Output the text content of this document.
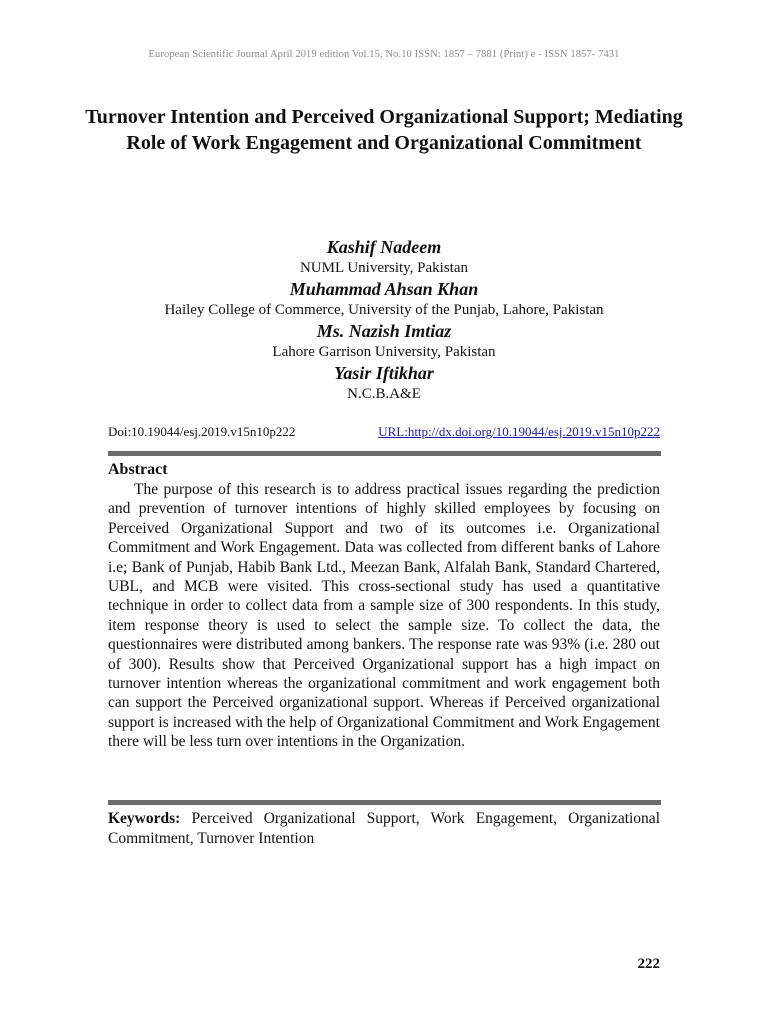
European Scientific Journal April 2019 edition Vol.15, No.10 ISSN: 1857 – 7881 (Print) e - ISSN 1857- 7431
Turnover Intention and Perceived Organizational Support; Mediating Role of Work Engagement and Organizational Commitment
Kashif Nadeem
NUML University, Pakistan
Muhammad Ahsan Khan
Hailey College of Commerce, University of the Punjab, Lahore, Pakistan
Ms. Nazish Imtiaz
Lahore Garrison University, Pakistan
Yasir Iftikhar
N.C.B.A&E
Doi:10.19044/esj.2019.v15n10p222	URL:http://dx.doi.org/10.19044/esj.2019.v15n10p222
Abstract

The purpose of this research is to address practical issues regarding the prediction and prevention of turnover intentions of highly skilled employees by focusing on Perceived Organizational Support and two of its outcomes i.e. Organizational Commitment and Work Engagement. Data was collected from different banks of Lahore i.e; Bank of Punjab, Habib Bank Ltd., Meezan Bank, Alfalah Bank, Standard Chartered, UBL, and MCB were visited. This cross-sectional study has used a quantitative technique in order to collect data from a sample size of 300 respondents. In this study, item response theory is used to select the sample size. To collect the data, the questionnaires were distributed among bankers. The response rate was 93% (i.e. 280 out of 300). Results show that Perceived Organizational support has a high impact on turnover intention whereas the organizational commitment and work engagement both can support the Perceived organizational support. Whereas if Perceived organizational support is increased with the help of Organizational Commitment and Work Engagement there will be less turn over intentions in the Organization.

Keywords: Perceived Organizational Support, Work Engagement, Organizational Commitment, Turnover Intention

222
